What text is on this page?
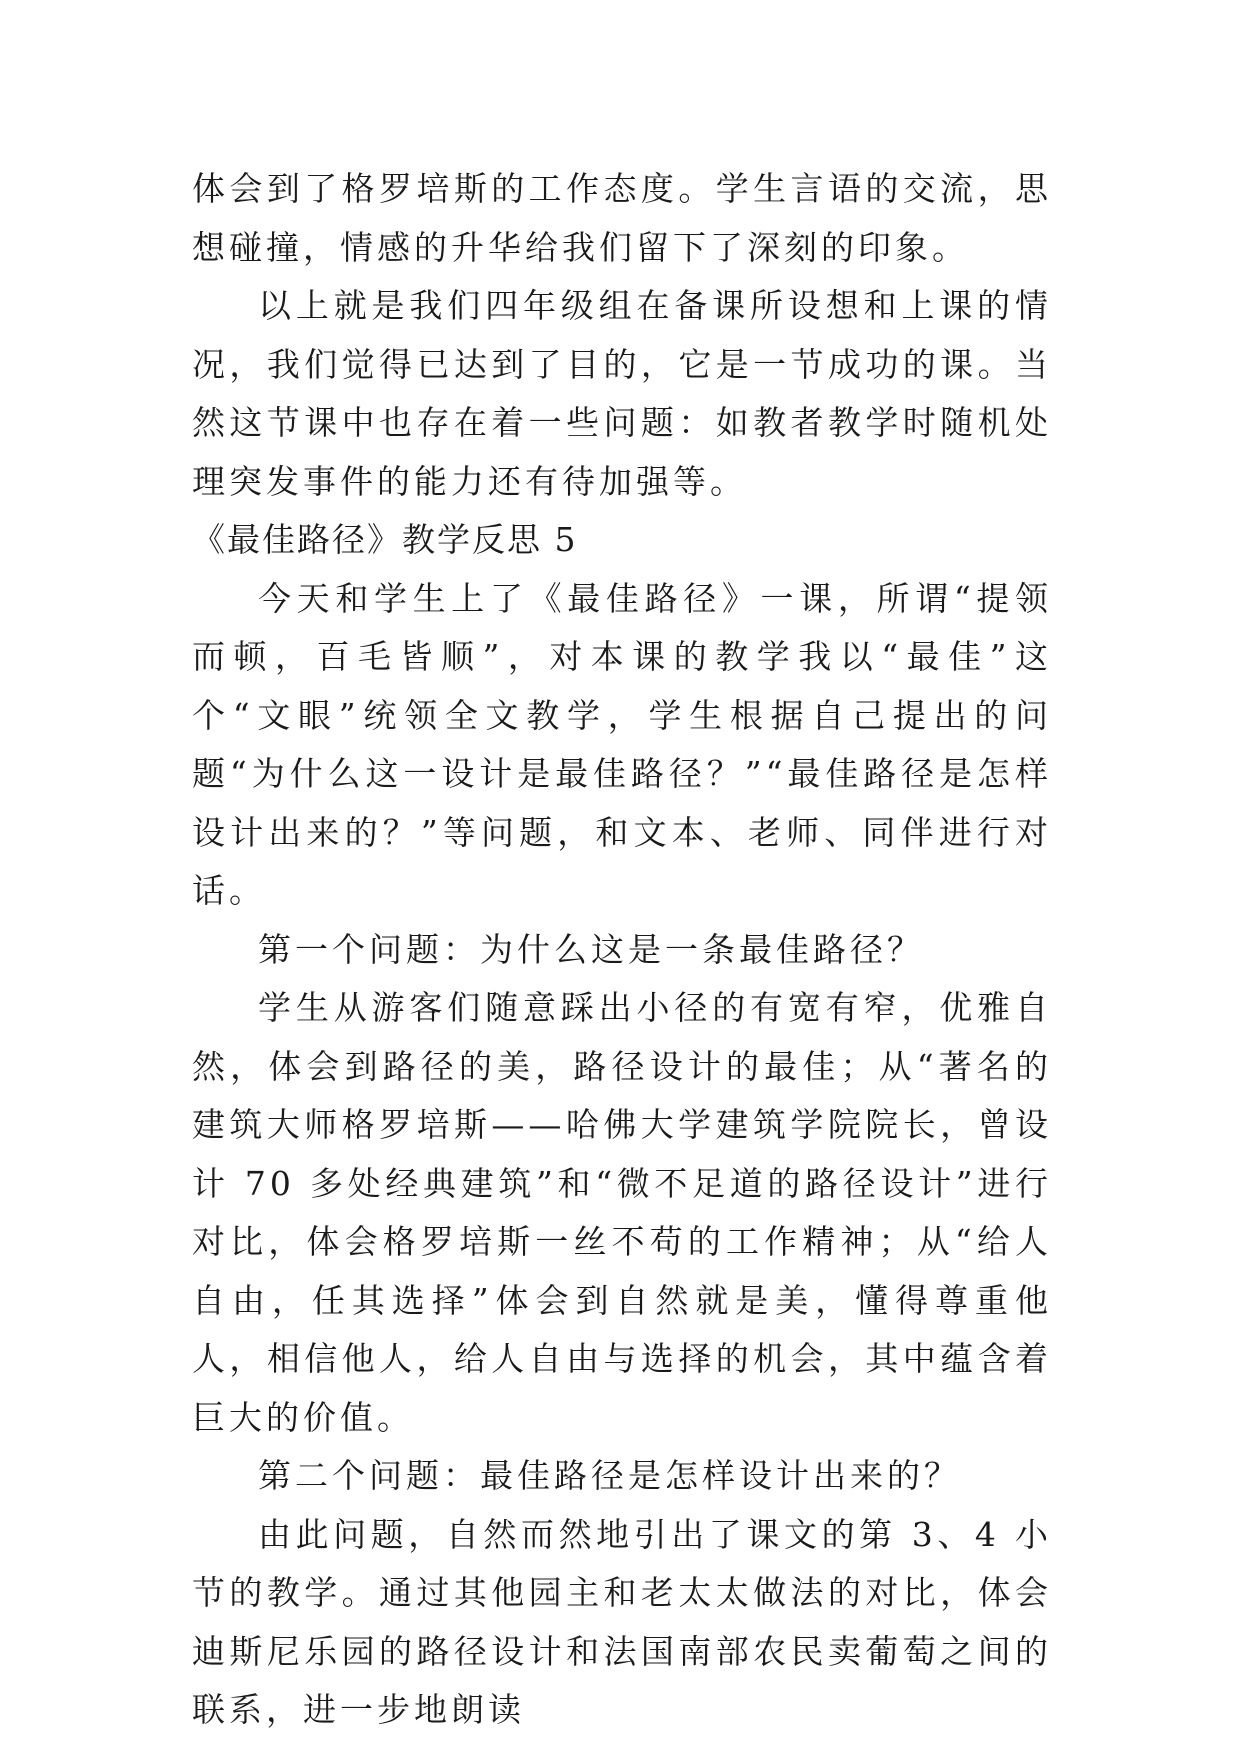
体会到了格罗培斯的工作态度。学生言语的交流，思想碰撞，情感的升华给我们留下了深刻的印象。

以上就是我们四年级组在备课所设想和上课的情况，我们觉得已达到了目的，它是一节成功的课。当然这节课中也存在着一些问题：如教者教学时随机处理突发事件的能力还有待加强等。

《最佳路径》教学反思 5

今天和学生上了《最佳路径》一课，所谓“提领而顿，百毛皆顺”，对本课的教学我以“最佳”这个“文眼”统领全文教学，学生根据自己提出的问题“为什么这一设计是最佳路径？”“最佳路径是怎样设计出来的？”等问题，和文本、老师、同伴进行对话。

第一个问题：为什么这是一条最佳路径？

学生从游客们随意踩出小径的有宽有窄，优雅自然，体会到路径的美，路径设计的最佳；从“著名的建筑大师格罗培斯——哈佛大学建筑学院院长，曾设计 70 多处经典建筑”和“微不足道的路径设计”进行对比，体会格罗培斯一丝不苟的工作精神；从“给人自由，任其选择”体会到自然就是美，懂得尊重他人，相信他人，给人自由与选择的机会，其中蕴含着巨大的价值。

第二个问题：最佳路径是怎样设计出来的？

由此问题，自然而然地引出了课文的第 3、4 小节的教学。通过其他园主和老太太做法的对比，体会迪斯尼乐园的路径设计和法国南部农民卖葡萄之间的联系，进一步地朗读
